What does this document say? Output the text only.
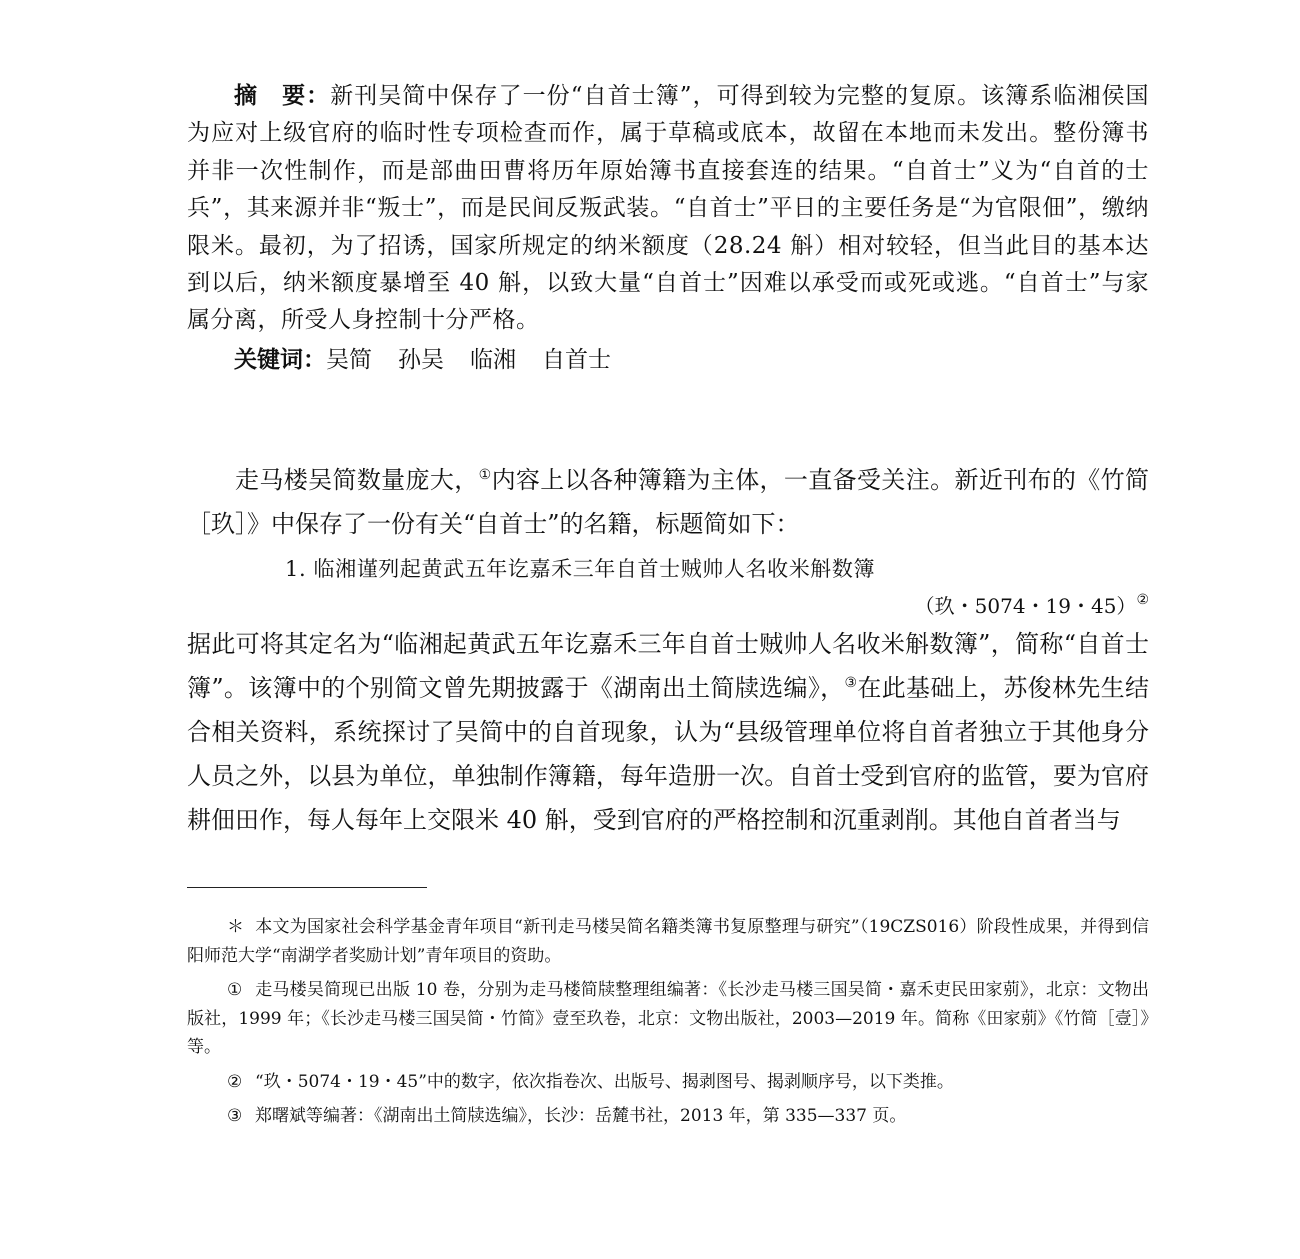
摘　要：新刊吴简中保存了一份“自首士簿”，可得到较为完整的复原。该簿系临湘侯国为应对上级官府的临时性专项检查而作，属于草稿或底本，故留在本地而未发出。整份簿书并非一次性制作，而是部曲田曹将历年原始簿书直接套连的结果。“自首士”义为“自首的士兵”，其来源并非“叛士”，而是民间反叛武装。“自首士”平日的主要任务是“为官限佃”，缴纳限米。最初，为了招诱，国家所规定的纳米额度（28.24 斛）相对较轻，但当此目的基本达到以后，纳米额度暴增至 40 斛，以致大量“自首士”因难以承受而或死或逃。“自首士”与家属分离，所受人身控制十分严格。

关键词：吴简 孙吴 临湘 自首士

走马楼吴简数量庞大，①内容上以各种簿籍为主体，一直备受关注。新近刊布的《竹简［玖］》中保存了一份有关“自首士”的名籍，标题简如下：

1. 临湘谨列起黄武五年讫嘉禾三年自首士贼帅人名收米斛数簿
（玖・5074・19・45）②

据此可将其定名为“临湘起黄武五年讫嘉禾三年自首士贼帅人名收米斛数簿”，简称“自首士簿”。该簿中的个别简文曾先期披露于《湖南出土简牍选编》，③在此基础上，苏俊林先生结合相关资料，系统探讨了吴简中的自首现象，认为“县级管理单位将自首者独立于其他身分人员之外，以县为单位，单独制作簿籍，每年造册一次。自首士受到官府的监管，要为官府耕佃田作，每人每年上交限米 40 斛，受到官府的严格控制和沉重剥削。其他自首者当与

＊ 本文为国家社会科学基金青年项目“新刊走马楼吴简名籍类簿书复原整理与研究”（19CZS016）阶段性成果，并得到信阳师范大学“南湖学者奖励计划”青年项目的资助。

① 走马楼吴简现已出版 10 卷，分别为走马楼简牍整理组编著：《长沙走马楼三国吴简・嘉禾吏民田家莂》，北京：文物出版社，1999 年；《长沙走马楼三国吴简・竹简》壹至玖卷，北京：文物出版社，2003—2019 年。简称《田家莂》《竹简［壹］》等。

② “玖・5074・19・45”中的数字，依次指卷次、出版号、揭剥图号、揭剥顺序号，以下类推。

③ 郑曙斌等编著：《湖南出土简牍选编》，长沙：岳麓书社，2013 年，第 335—337 页。
